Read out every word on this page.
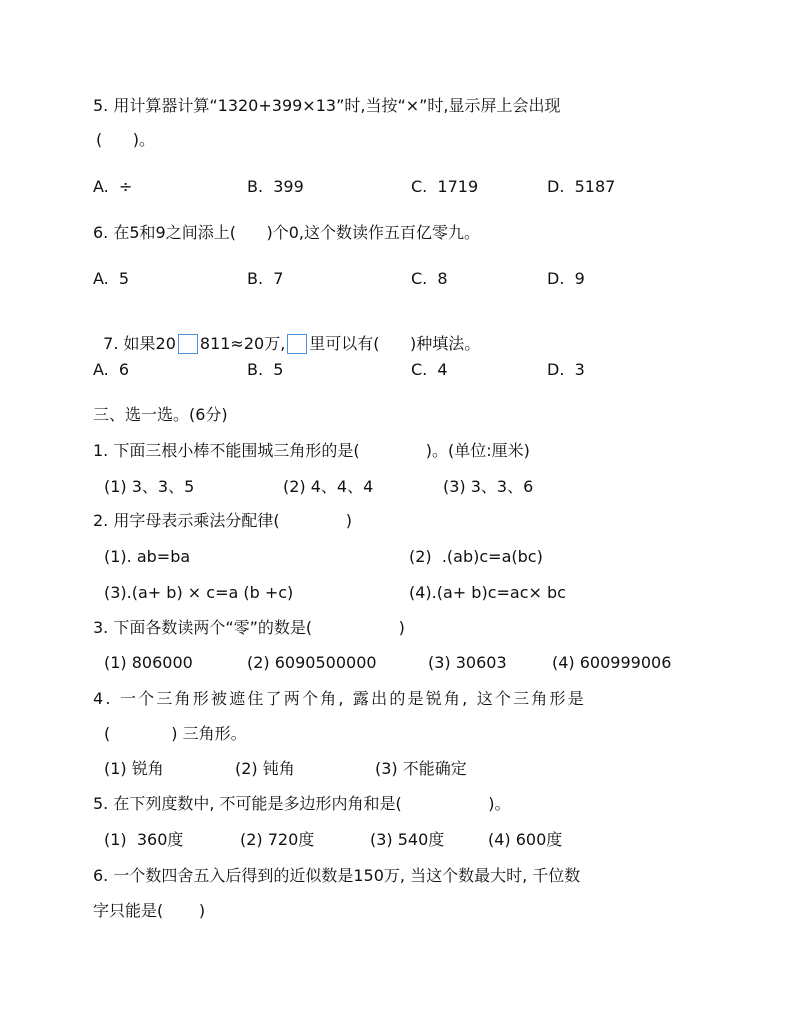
5. 用计算器计算“1320+399×13”时,当按“×”时,显示屏上会出现
(      )。
A.  ÷	B.  399	C.  1719	D.  5187
6. 在5和9之间添上(      )个0,这个数读作五百亿零九。
A.  5	B.  7	C.  8	D.  9

7. 如果20 811≈20万, 里可以有(      )种填法。

A.  6	B.  5	C.  4	D.  3
三、选一选。(6分)
1. 下面三根小棒不能围城三角形的是(             )。(单位:厘米)
(1) 3、3、5	(2) 4、4、4	(3) 3、3、6
2. 用字母表示乘法分配律(             )
(1). ab=ba	(2)  .(ab)c=a(bc)
(3).(a+ b) × c=a (b +c)	(4).(a+ b)c=ac× bc
3. 下面各数读两个“零”的数是(                 )
(1) 806000	(2) 6090500000	(3) 30603	(4) 600999006
4. 一个三角形被遮住了两个角, 露出的是锐角, 这个三角形是
(            ) 三角形。
(1) 锐角	(2) 钝角	(3) 不能确定
5. 在下列度数中, 不可能是多边形内角和是(                 )。
(1)  360度	(2) 720度	(3) 540度	(4) 600度
6. 一个数四舍五入后得到的近似数是150万, 当这个数最大时, 千位数
字只能是(       )
